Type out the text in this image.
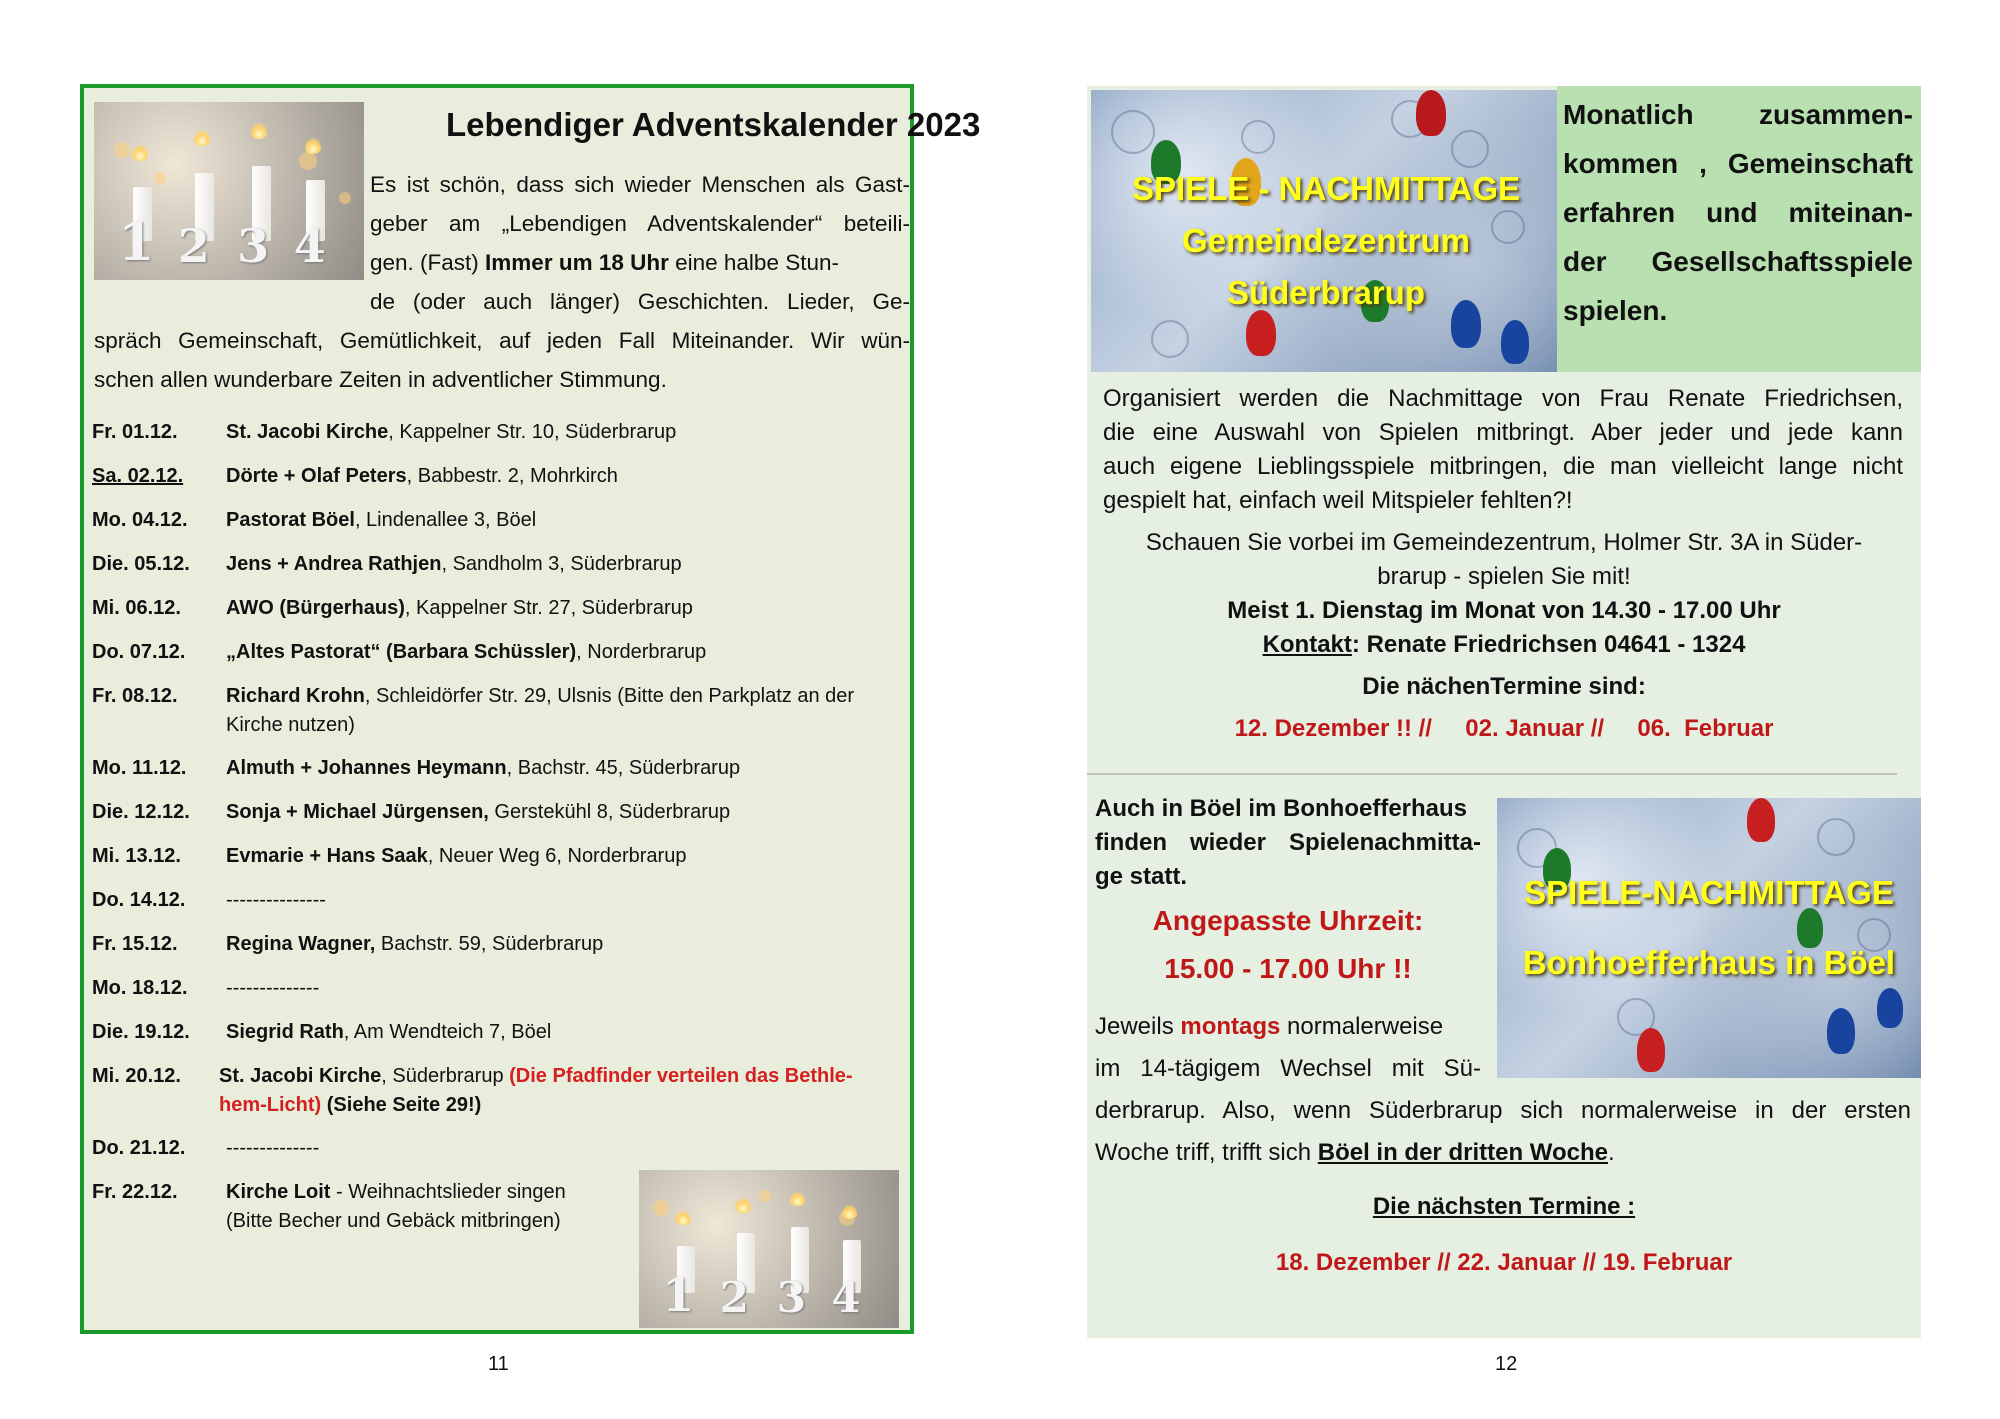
1 2 3 4
Lebendiger Adventskalender 2023
Es ist schön, dass sich wieder Menschen als Gast-
geber am „Lebendigen Adventskalender“ beteili-
gen. (Fast) Immer um 18 Uhr eine halbe Stun-
de (oder auch länger) Geschichten. Lieder, Ge-
spräch Gemeinschaft, Gemütlichkeit, auf jeden Fall Miteinander. Wir wün-
schen allen wunderbare Zeiten in adventlicher Stimmung.
Fr. 01.12. St. Jacobi Kirche, Kappelner Str. 10, Süderbrarup
Sa. 02.12. Dörte + Olaf Peters, Babbestr. 2, Mohrkirch
Mo. 04.12. Pastorat Böel, Lindenallee 3, Böel
Die. 05.12. Jens + Andrea Rathjen, Sandholm 3, Süderbrarup
Mi. 06.12. AWO (Bürgerhaus), Kappelner Str. 27, Süderbrarup
Do. 07.12. „Altes Pastorat“ (Barbara Schüssler), Norderbrarup
Fr. 08.12. Richard Krohn, Schleidörfer Str. 29, Ulsnis (Bitte den Parkplatz an der Kirche nutzen)
Mo. 11.12. Almuth + Johannes Heymann, Bachstr. 45, Süderbrarup
Die. 12.12. Sonja + Michael Jürgensen, Gerstekühl 8, Süderbrarup
Mi. 13.12. Evmarie + Hans Saak, Neuer Weg 6, Norderbrarup
Do. 14.12. ---------------
Fr. 15.12. Regina Wagner, Bachstr. 59, Süderbrarup
Mo. 18.12. --------------
Die. 19.12. Siegrid Rath, Am Wendteich 7, Böel
Mi. 20.12. St. Jacobi Kirche, Süderbrarup (Die Pfadfinder verteilen das Bethle-hem-Licht) (Siehe Seite 29!)
Do. 21.12. --------------
Fr. 22.12. Kirche Loit - Weihnachtslieder singen (Bitte Becher und Gebäck mitbringen)
1 2 3 4
11
SPIELE - NACHMITTAGE
Gemeindezentrum
Süderbrarup
Monatlich zusammen-
kommen , Gemeinschaft
erfahren und miteinan-
der Gesellschaftsspiele
spielen.
Organisiert werden die Nachmittage von Frau Renate Friedrichsen,
die eine Auswahl von Spielen mitbringt. Aber jeder und jede kann
auch eigene Lieblingsspiele mitbringen, die man vielleicht lange nicht
gespielt hat, einfach weil Mitspieler fehlten?!
Schauen Sie vorbei im Gemeindezentrum, Holmer Str. 3A in Süder-
brarup - spielen Sie mit!
Meist 1. Dienstag im Monat von 14.30 - 17.00 Uhr
Kontakt: Renate Friedrichsen 04641 - 1324
Die nächenTermine sind:
12. Dezember !! //     02. Januar //     06.  Februar
Auch in Böel im Bonhoefferhaus
finden wieder Spielenachmitta-
ge statt.
Angepasste Uhrzeit:
15.00 - 17.00 Uhr !!
SPIELE-NACHMITTAGE
Bonhoefferhaus in Böel
Jeweils montags normalerweise
im 14-tägigem Wechsel mit Sü-
derbrarup. Also, wenn Süderbrarup sich normalerweise in der ersten
Woche triff, trifft sich Böel in der dritten Woche.
Die nächsten Termine :
18. Dezember // 22. Januar // 19. Februar
12
